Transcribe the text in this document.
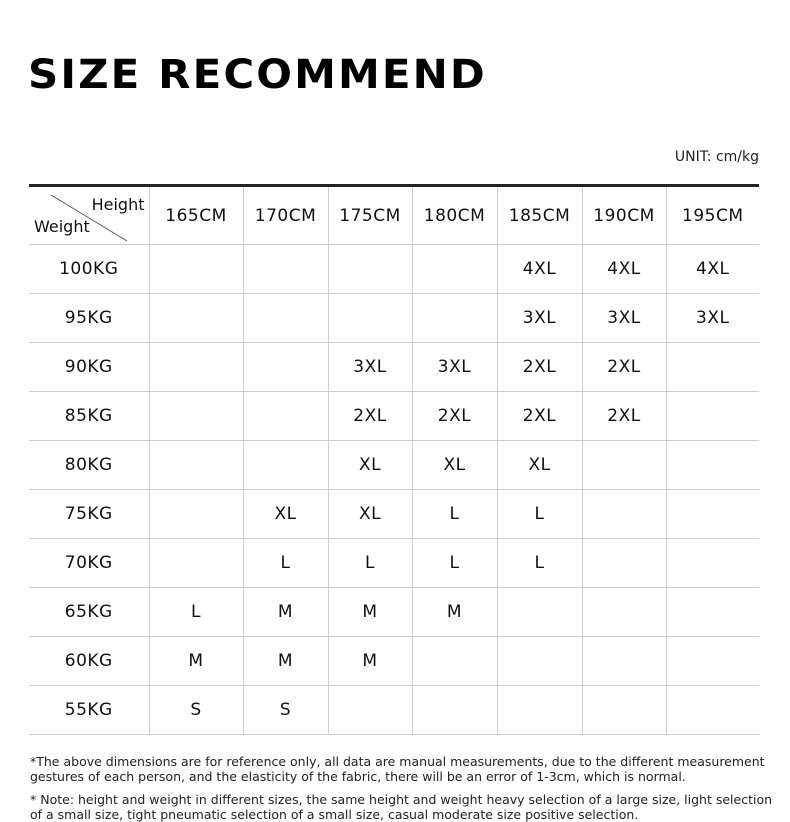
SIZE RECOMMEND
UNIT: cm/kg
Height
Weight	165CM	170CM	175CM	180CM	185CM	190CM	195CM
100KG					4XL	4XL	4XL
95KG					3XL	3XL	3XL
90KG			3XL	3XL	2XL	2XL	
85KG			2XL	2XL	2XL	2XL	
80KG			XL	XL	XL		
75KG		XL	XL	L	L		
70KG		L	L	L	L		
65KG	L	M	M	M			
60KG	M	M	M				
55KG	S	S					
*The above dimensions are for reference only, all data are manual measurements, due to the different measurement gestures of each person, and the elasticity of the fabric, there will be an error of 1-3cm, which is normal.
* Note: height and weight in different sizes, the same height and weight heavy selection of a large size, light selection of a small size, tight pneumatic selection of a small size, casual moderate size positive selection.
